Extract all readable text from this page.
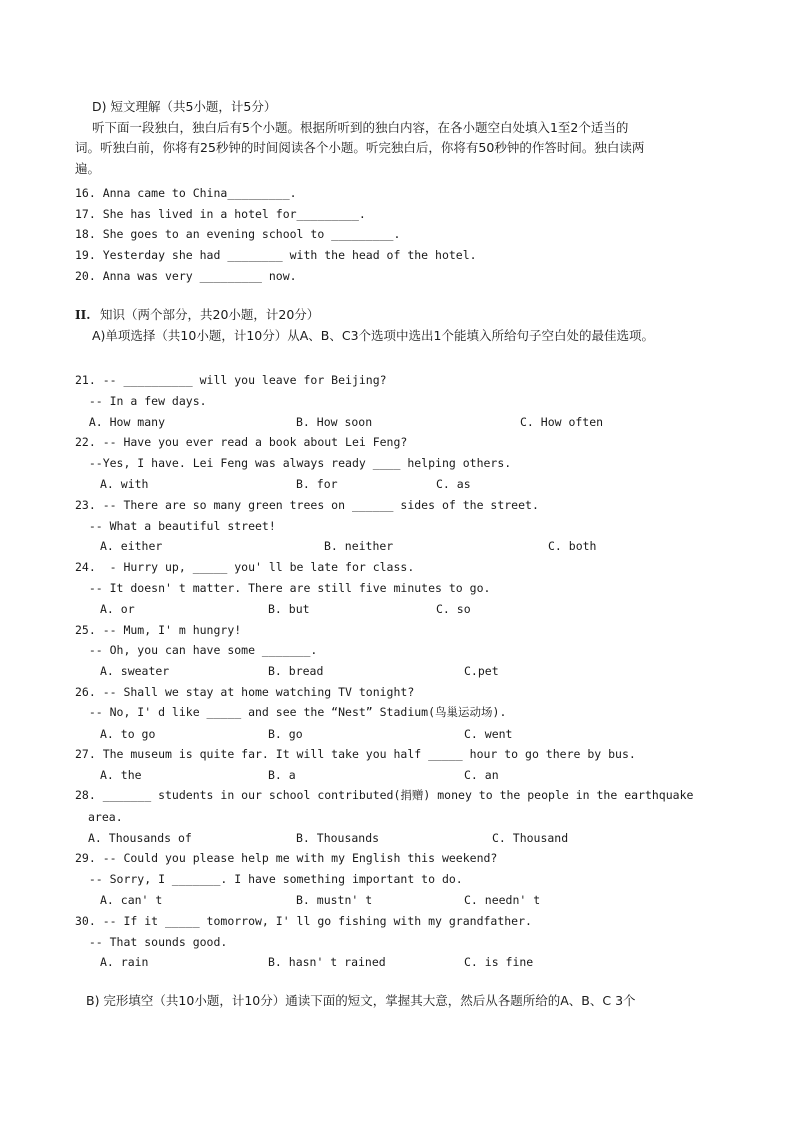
D) 短文理解（共5小题，计5分）
听下面一段独白，独白后有5个小题。根据所听到的独白内容，在各小题空白处填入1至2个适当的
词。听独白前，你将有25秒钟的时间阅读各个小题。听完独白后，你将有50秒钟的作答时间。独白读两
遍。
16. Anna came to China_________.
17. She has lived in a hotel for_________.
18. She goes to an evening school to _________.
19. Yesterday she had ________ with the head of the hotel.
20. Anna was very _________ now.
II. 知识（两个部分，共20小题，计20分）
A)单项选择（共10小题，计10分）从A、B、C3个选项中选出1个能填入所给句子空白处的最佳选项。
21. -- __________ will you leave for Beijing?
-- In a few days.
A. How many	B. How soon	C. How often
22. -- Have you ever read a book about Lei Feng?
--Yes, I have. Lei Feng was always ready ____ helping others.
A. with	B. for	C. as
23. -- There are so many green trees on ______ sides of the street.
-- What a beautiful street!
A. either	B. neither	C. both
24.  - Hurry up, _____ you' ll be late for class.
-- It doesn' t matter. There are still five minutes to go.
A. or	B. but	C. so
25. -- Mum, I' m hungry!
-- Oh, you can have some _______.
A. sweater	B. bread	C.pet
26. -- Shall we stay at home watching TV tonight?
-- No, I' d like _____ and see the “Nest” Stadium(鸟巢运动场).
A. to go	B. go	C. went
27. The museum is quite far. It will take you half _____ hour to go there by bus.
A. the	B. a	C. an
28. _______ students in our school contributed(捐赠) money to the people in the earthquake
area.
A. Thousands of	B. Thousands	C. Thousand
29. -- Could you please help me with my English this weekend?
-- Sorry, I _______. I have something important to do.
A. can' t	B. mustn' t	C. needn' t
30. -- If it _____ tomorrow, I' ll go fishing with my grandfather.
-- That sounds good.
A. rain	B. hasn' t rained	C. is fine
B) 完形填空（共10小题，计10分）通读下面的短文，掌握其大意，然后从各题所给的A、B、C 3个
